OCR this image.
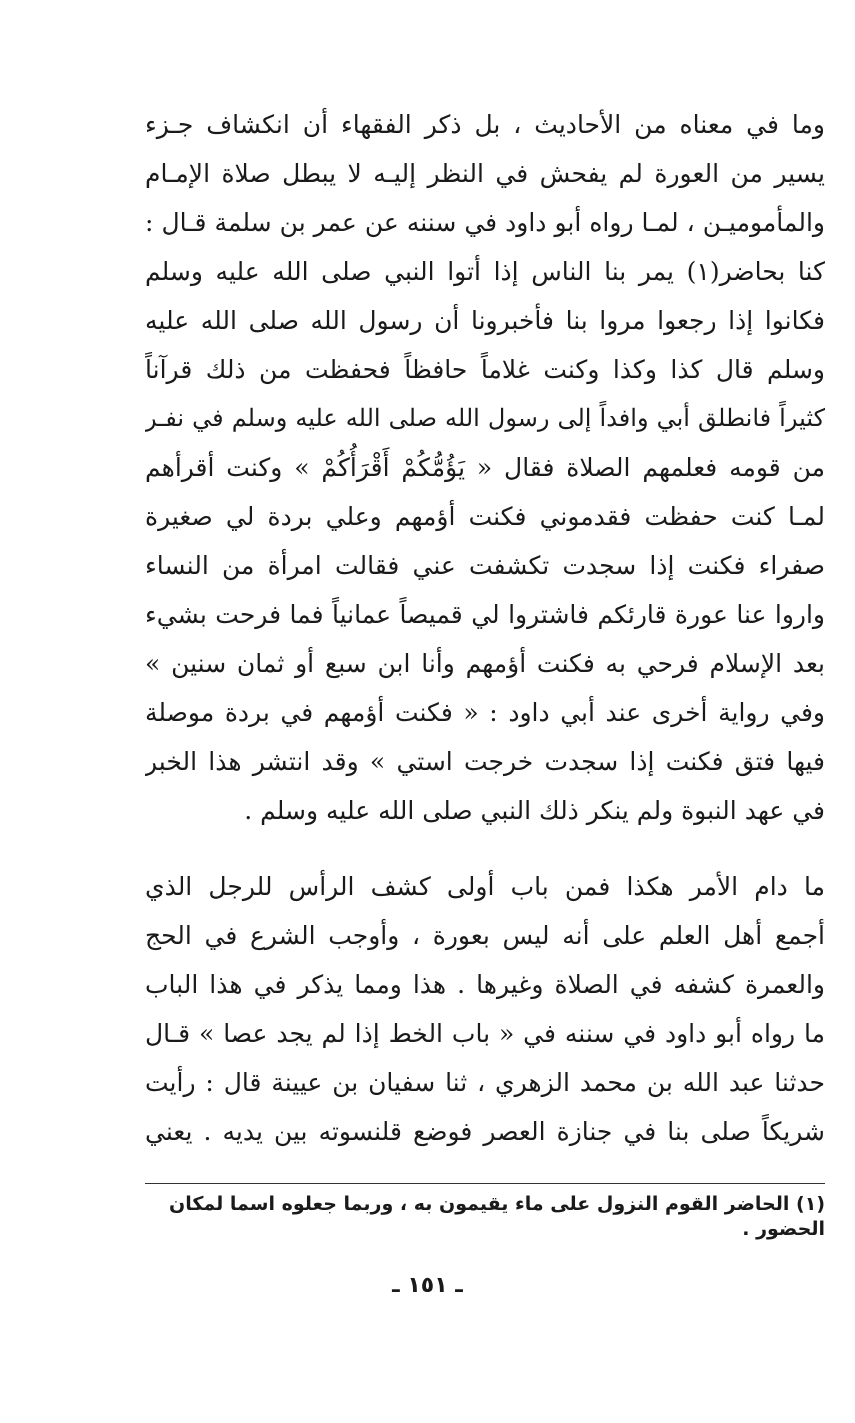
وما في معناه من الأحاديث ، بل ذكر الفقهاء أن انكشاف جـزء
يسير من العورة لم يفحش في النظر إليـه لا يبطل صلاة الإمـام
والمأموميـن ، لمـا رواه أبو داود في سننه عن عمر بن سلمة قـال :
كنا بحاضر(١) يمر بنا الناس إذا أتوا النبي صلى الله عليه وسلم
فكانوا إذا رجعوا مروا بنا فأخبرونا أن رسول الله صلى الله عليه
وسلم قال كذا وكذا وكنت غلاماً حافظاً فحفظت من ذلك قرآناً
كثيراً فانطلق أبي وافداً إلى رسول الله صلى الله عليه وسلم في نفـر
من قومه فعلمهم الصلاة فقال « يَؤُمُّكُمْ أَقْرَأُكُمْ » وكنت أقرأهم
لمـا كنت حفظت فقدموني فكنت أؤمهم وعلي بردة لي صغيرة
صفراء فكنت إذا سجدت تكشفت عني فقالت امرأة من النساء
واروا عنا عورة قارئكم فاشتروا لي قميصاً عمانياً فما فرحت بشيء
بعد الإسلام فرحي به فكنت أؤمهم وأنا ابن سبع أو ثمان سنين »
وفي رواية أخرى عند أبي داود : « فكنت أؤمهم في بردة موصلة
فيها فتق فكنت إذا سجدت خرجت استي » وقد انتشر هذا الخبر
في عهد النبوة ولم ينكر ذلك النبي صلى الله عليه وسلم .
ما دام الأمر هكذا فمن باب أولى كشف الرأس للرجل الذي
أجمع أهل العلم على أنه ليس بعورة ، وأوجب الشرع في الحج
والعمرة كشفه في الصلاة وغيرها . هذا ومما يذكر في هذا الباب
ما رواه أبو داود في سننه في « باب الخط إذا لم يجد عصا » قـال
حدثنا عبد الله بن محمد الزهري ، ثنا سفيان بن عيينة قال : رأيت
شريكاً صلى بنا في جنازة العصر فوضع قلنسوته بين يديه . يعني
(١) الحاضر القوم النزول على ماء يقيمون به ، وربما جعلوه اسما لمكان
الحضور .
ـ ١٥١ ـ
